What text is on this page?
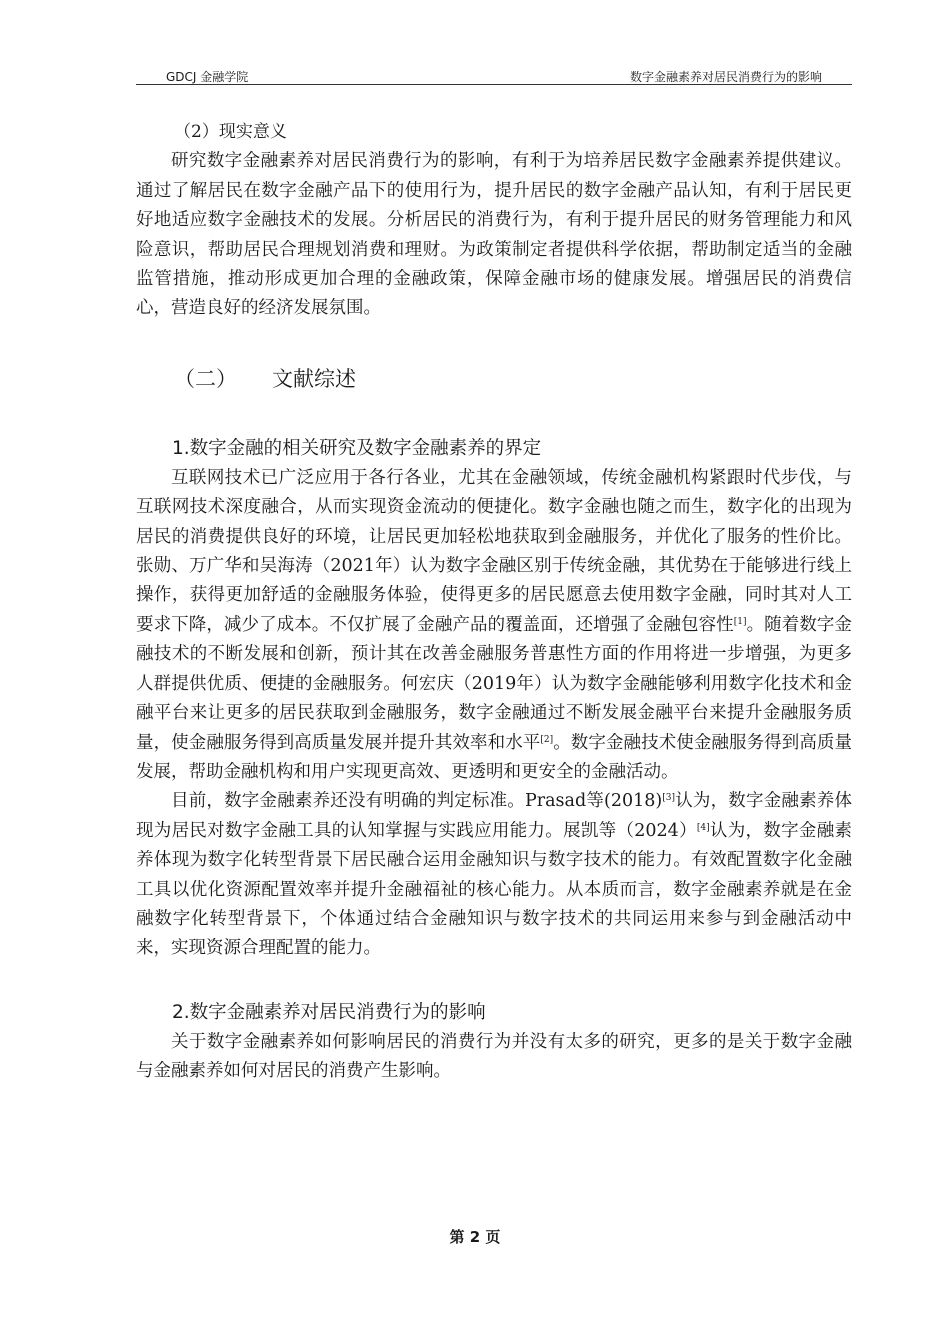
GDCJ 金融学院	数字金融素养对居民消费行为的影响

（2）现实意义

研究数字金融素养对居民消费行为的影响，有利于为培养居民数字金融素养提供建议。通过了解居民在数字金融产品下的使用行为，提升居民的数字金融产品认知，有利于居民更好地适应数字金融技术的发展。分析居民的消费行为，有利于提升居民的财务管理能力和风险意识，帮助居民合理规划消费和理财。为政策制定者提供科学依据，帮助制定适当的金融监管措施，推动形成更加合理的金融政策，保障金融市场的健康发展。增强居民的消费信心，营造良好的经济发展氛围。

（二） 文献综述
1.数字金融的相关研究及数字金融素养的界定

互联网技术已广泛应用于各行各业，尤其在金融领域，传统金融机构紧跟时代步伐，与互联网技术深度融合，从而实现资金流动的便捷化。数字金融也随之而生，数字化的出现为居民的消费提供良好的环境，让居民更加轻松地获取到金融服务，并优化了服务的性价比。张勋、万广华和吴海涛（2021年）认为数字金融区别于传统金融，其优势在于能够进行线上操作，获得更加舒适的金融服务体验，使得更多的居民愿意去使用数字金融，同时其对人工要求下降，减少了成本。不仅扩展了金融产品的覆盖面，还增强了金融包容性[1]。随着数字金融技术的不断发展和创新，预计其在改善金融服务普惠性方面的作用将进一步增强，为更多人群提供优质、便捷的金融服务。何宏庆（2019年）认为数字金融能够利用数字化技术和金融平台来让更多的居民获取到金融服务，数字金融通过不断发展金融平台来提升金融服务质量，使金融服务得到高质量发展并提升其效率和水平[2]。数字金融技术使金融服务得到高质量发展，帮助金融机构和用户实现更高效、更透明和更安全的金融活动。

目前，数字金融素养还没有明确的判定标准。Prasad等(2018)[3]认为，数字金融素养体现为居民对数字金融工具的认知掌握与实践应用能力。展凯等（2024）[4]认为，数字金融素养体现为数字化转型背景下居民融合运用金融知识与数字技术的能力。有效配置数字化金融工具以优化资源配置效率并提升金融福祉的核心能力。从本质而言，数字金融素养就是在金融数字化转型背景下，个体通过结合金融知识与数字技术的共同运用来参与到金融活动中来，实现资源合理配置的能力。

2.数字金融素养对居民消费行为的影响

关于数字金融素养如何影响居民的消费行为并没有太多的研究，更多的是关于数字金融与金融素养如何对居民的消费产生影响。

第 2 页
